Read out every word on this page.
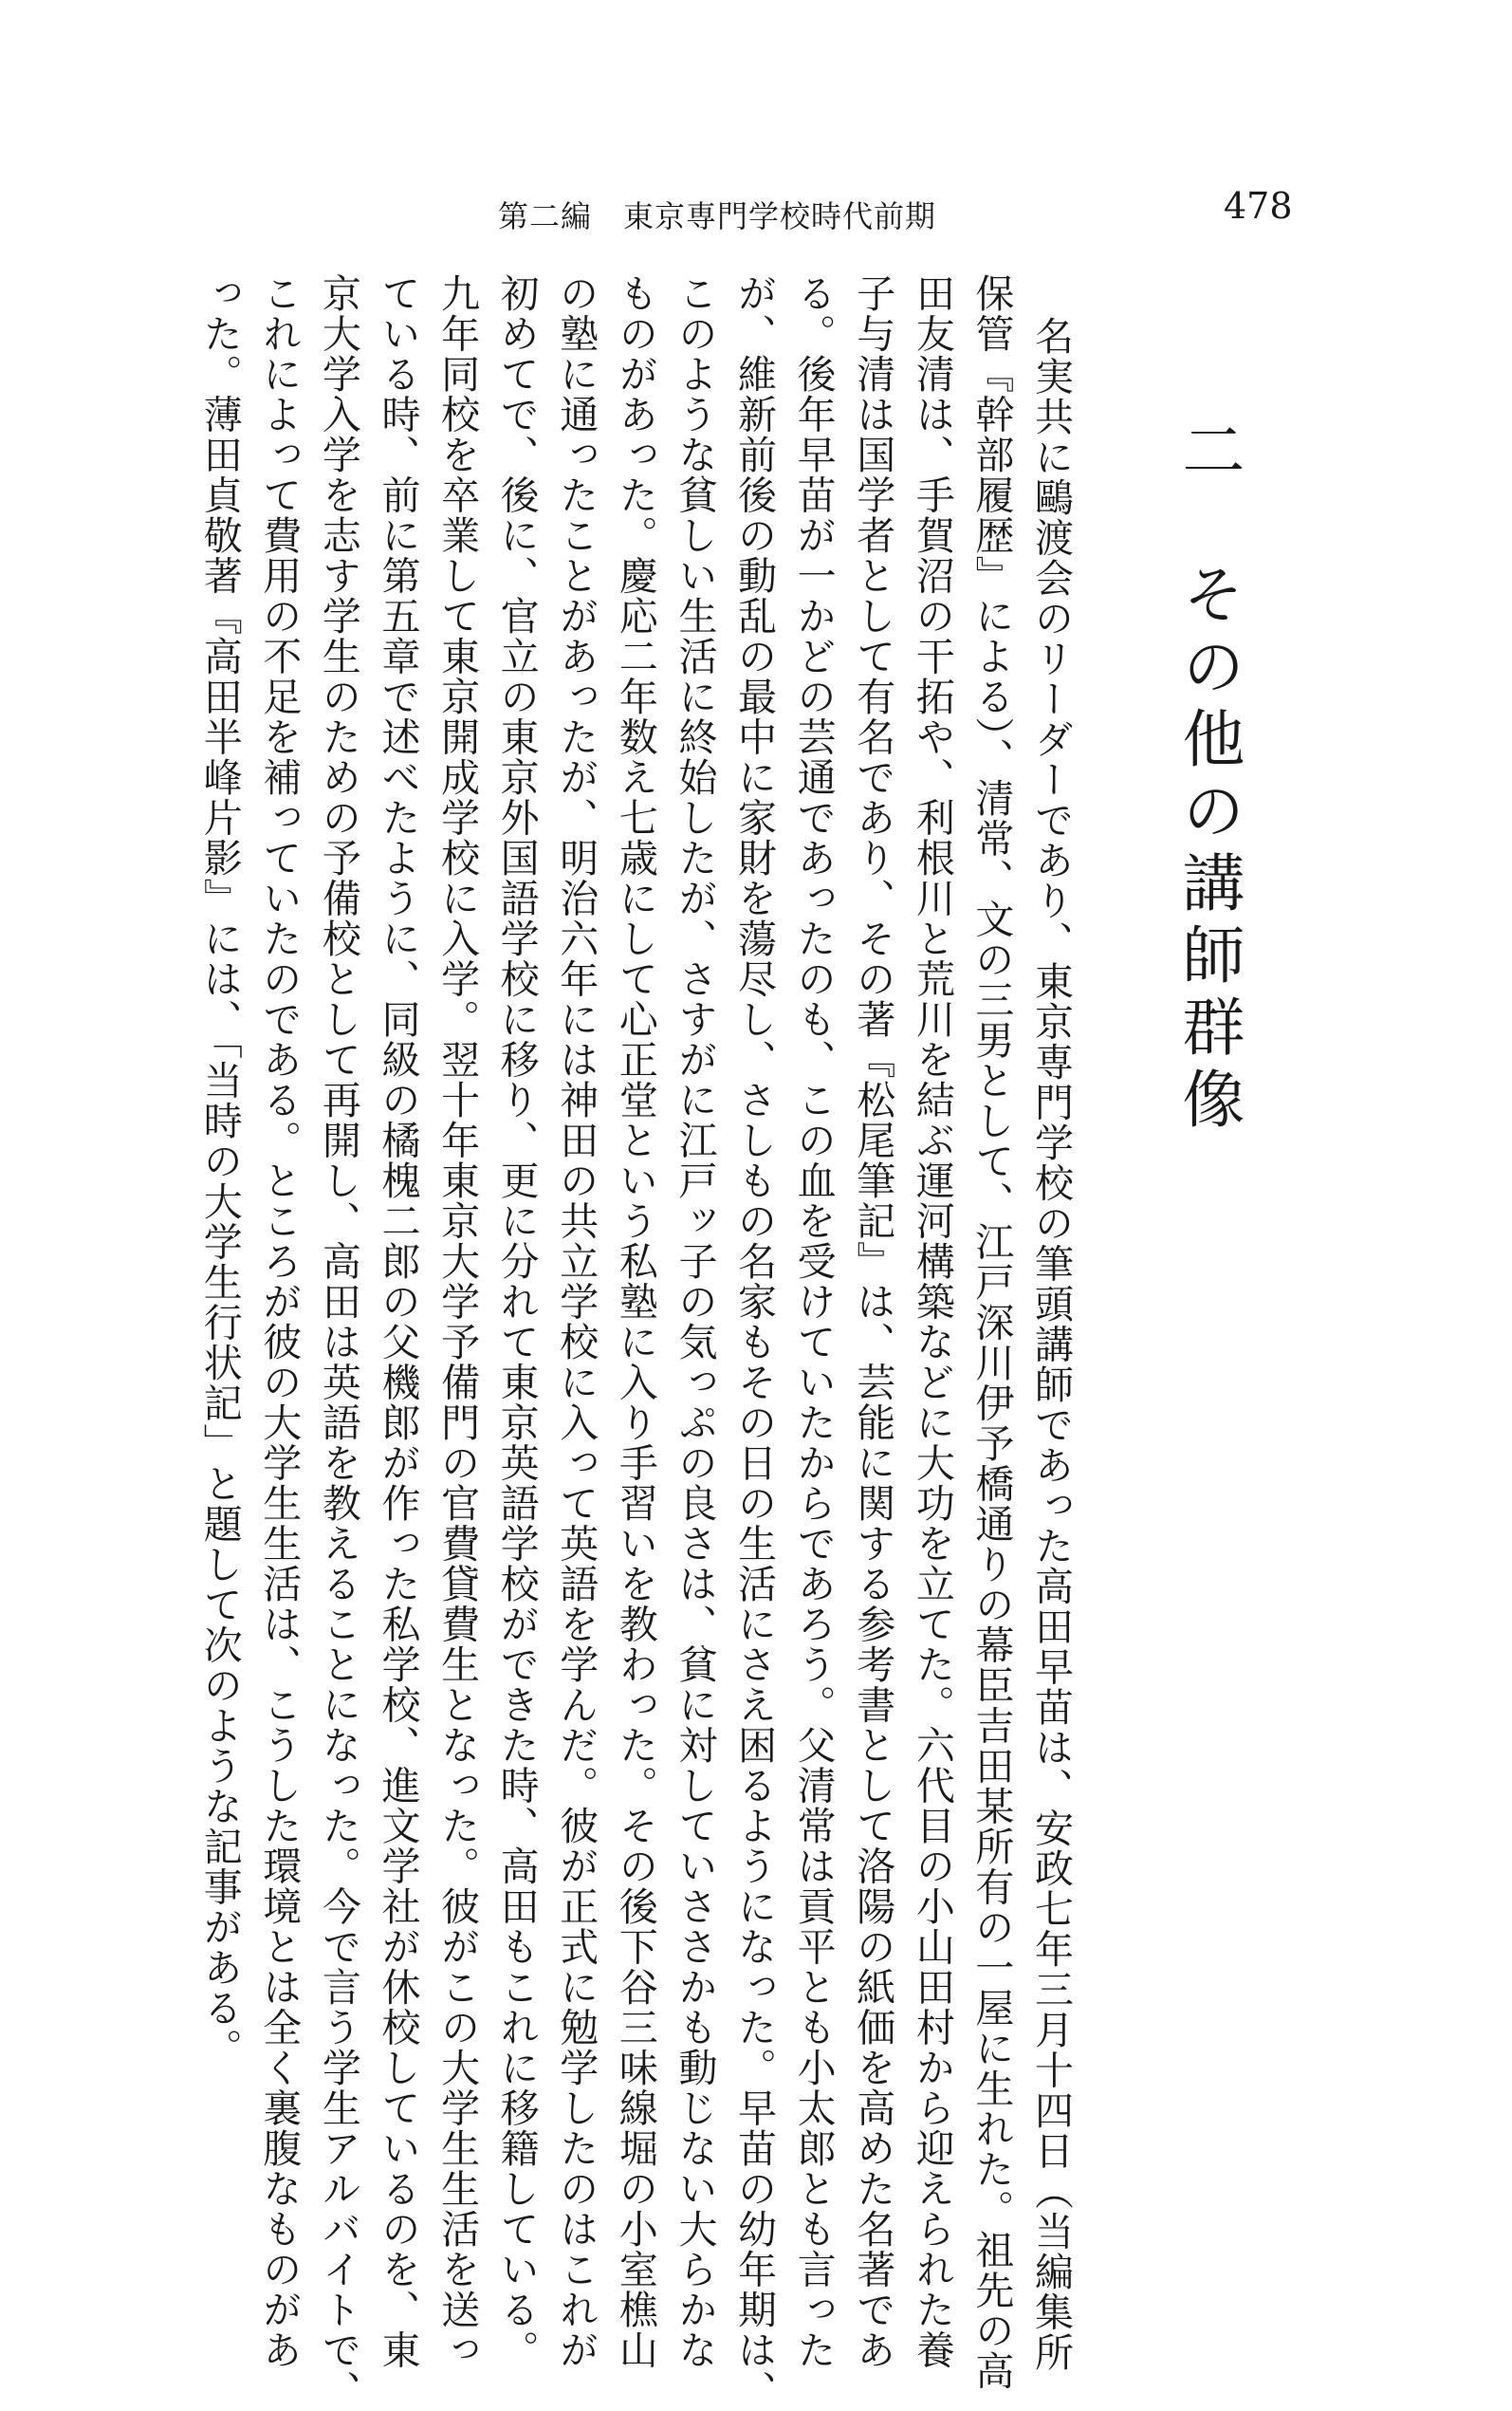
第二編　東京専門学校時代前期	478
二　その他の講師群像
名実共に鷗渡会のリーダーであり、東京専門学校の筆頭講師であった高田早苗は、安政七年三月十四日（当編集所
保管『幹部履歴』による）、清常、文の三男として、江戸深川伊予橋通りの幕臣吉田某所有の一屋に生れた。祖先の高
田友清は、手賀沼の干拓や、利根川と荒川を結ぶ運河構築などに大功を立てた。六代目の小山田村から迎えられた養
子与清は国学者として有名であり、その著『松尾筆記』は、芸能に関する参考書として洛陽の紙価を高めた名著であ
る。後年早苗が一かどの芸通であったのも、この血を受けていたからであろう。父清常は貢平とも小太郎とも言った
が、維新前後の動乱の最中に家財を蕩尽し、さしもの名家もその日の生活にさえ困るようになった。早苗の幼年期は、
このような貧しい生活に終始したが、さすがに江戸ッ子の気っぷの良さは、貧に対していささかも動じない大らかな
ものがあった。慶応二年数え七歳にして心正堂という私塾に入り手習いを教わった。その後下谷三味線堀の小室樵山
の塾に通ったことがあったが、明治六年には神田の共立学校に入って英語を学んだ。彼が正式に勉学したのはこれが
初めてで、後に、官立の東京外国語学校に移り、更に分れて東京英語学校ができた時、高田もこれに移籍している。
九年同校を卒業して東京開成学校に入学。翌十年東京大学予備門の官費貸費生となった。彼がこの大学生生活を送っ
ている時、前に第五章で述べたように、同級の橘槐二郎の父機郎が作った私学校、進文学社が休校しているのを、東
京大学入学を志す学生のための予備校として再開し、高田は英語を教えることになった。今で言う学生アルバイトで、
これによって費用の不足を補っていたのである。ところが彼の大学生生活は、こうした環境とは全く裏腹なものがあ
った。薄田貞敬著『高田半峰片影』には、「当時の大学生行状記」と題して次のような記事がある。
